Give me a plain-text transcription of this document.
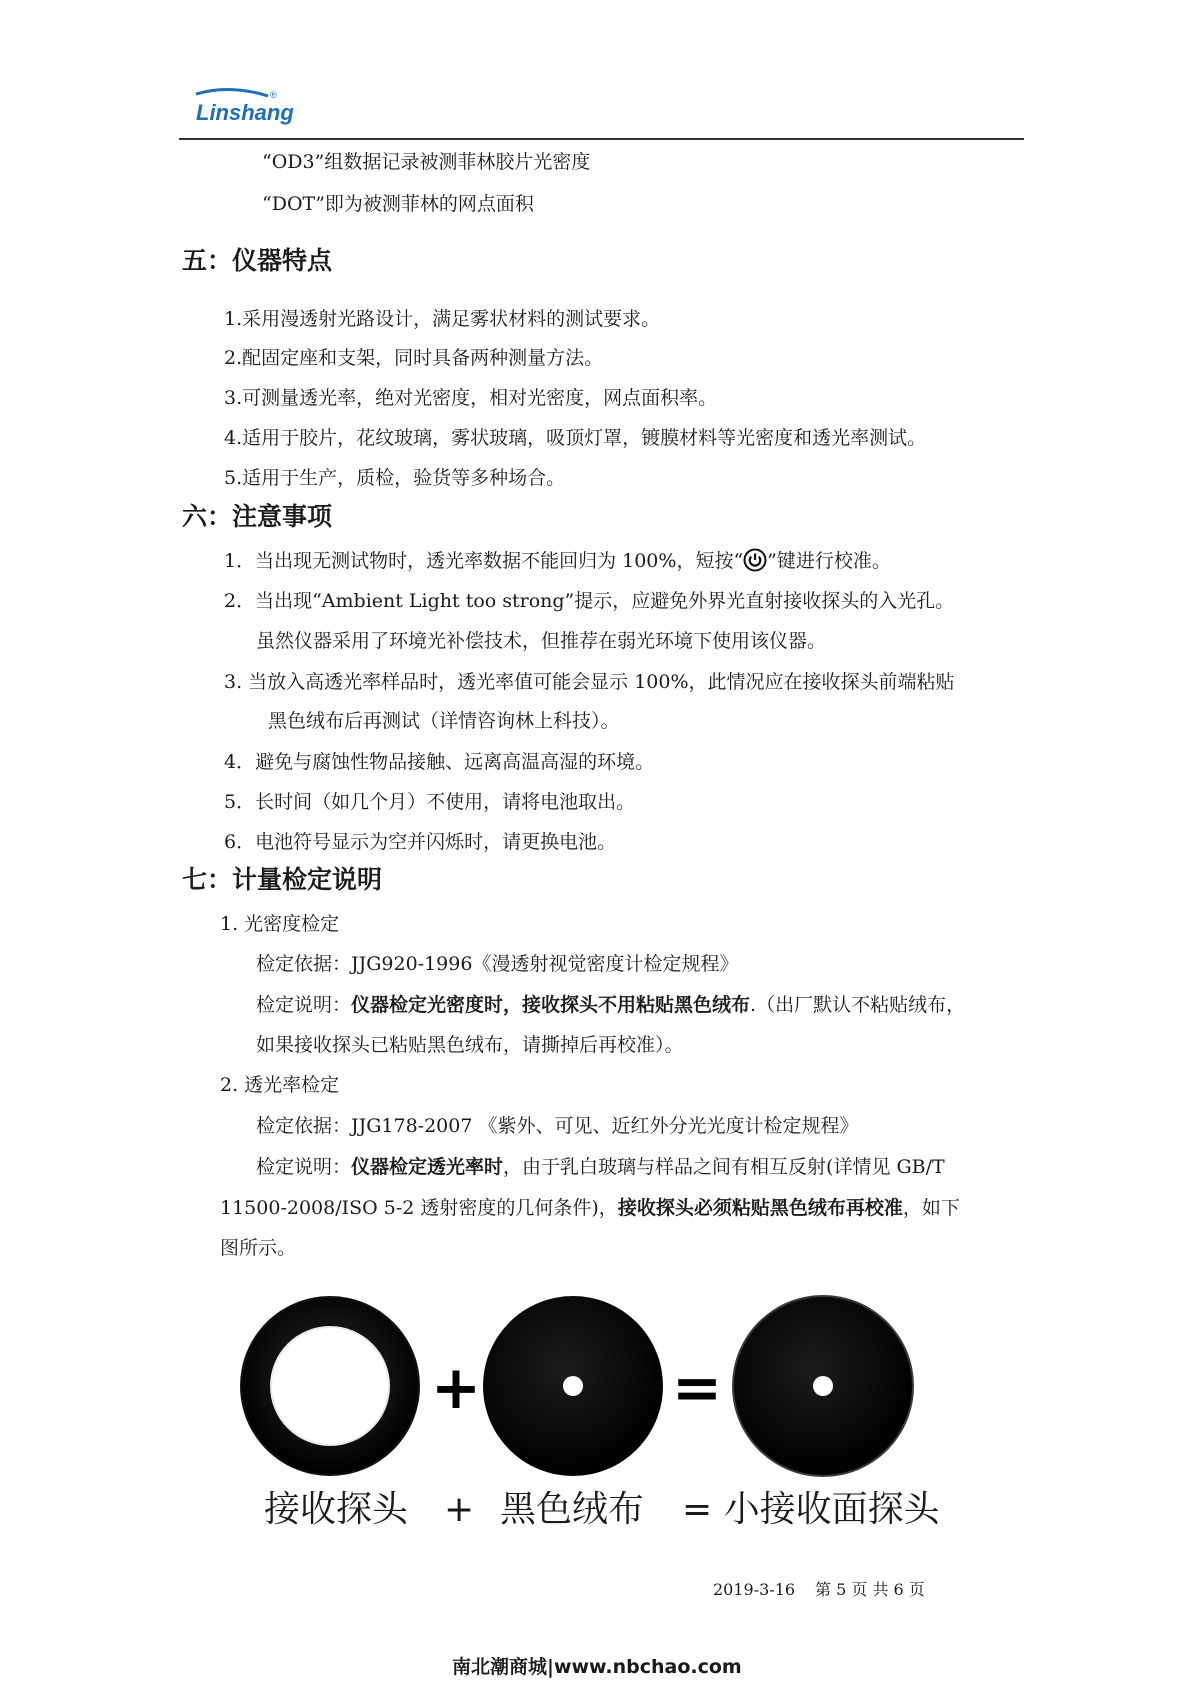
Linshang
®
“OD3”组数据记录被测菲林胶片光密度
“DOT”即为被测菲林的网点面积
五：仪器特点
1.采用漫透射光路设计，满足雾状材料的测试要求。
2.配固定座和支架，同时具备两种测量方法。
3.可测量透光率，绝对光密度，相对光密度，网点面积率。
4.适用于胶片，花纹玻璃，雾状玻璃，吸顶灯罩，镀膜材料等光密度和透光率测试。
5.适用于生产，质检，验货等多种场合。
六：注意事项
1．当出现无测试物时，透光率数据不能回归为 100%，短按“ ”键进行校准。
2．当出现“Ambient Light too strong”提示，应避免外界光直射接收探头的入光孔。
虽然仪器采用了环境光补偿技术，但推荐在弱光环境下使用该仪器。
3. 当放入高透光率样品时，透光率值可能会显示 100%，此情况应在接收探头前端粘贴
黑色绒布后再测试（详情咨询林上科技）。
4．避免与腐蚀性物品接触、远离高温高湿的环境。
5．长时间（如几个月）不使用，请将电池取出。
6．电池符号显示为空并闪烁时，请更换电池。
七：计量检定说明
1. 光密度检定
检定依据：JJG920-1996《漫透射视觉密度计检定规程》
检定说明：仪器检定光密度时，接收探头不用粘贴黑色绒布.（出厂默认不粘贴绒布，
如果接收探头已粘贴黑色绒布，请撕掉后再校准）。
2. 透光率检定
检定依据：JJG178-2007 《紫外、可见、近红外分光光度计检定规程》
检定说明：仪器检定透光率时，由于乳白玻璃与样品之间有相互反射(详情见 GB/T
11500-2008/ISO 5-2 透射密度的几何条件)，接收探头必须粘贴黑色绒布再校准，如下
图所示。
+	=
接收探头 + 黑色绒布 = 小接收面探头
2019-3-16 第 5 页 共 6 页
南北潮商城|www.nbchao.com
